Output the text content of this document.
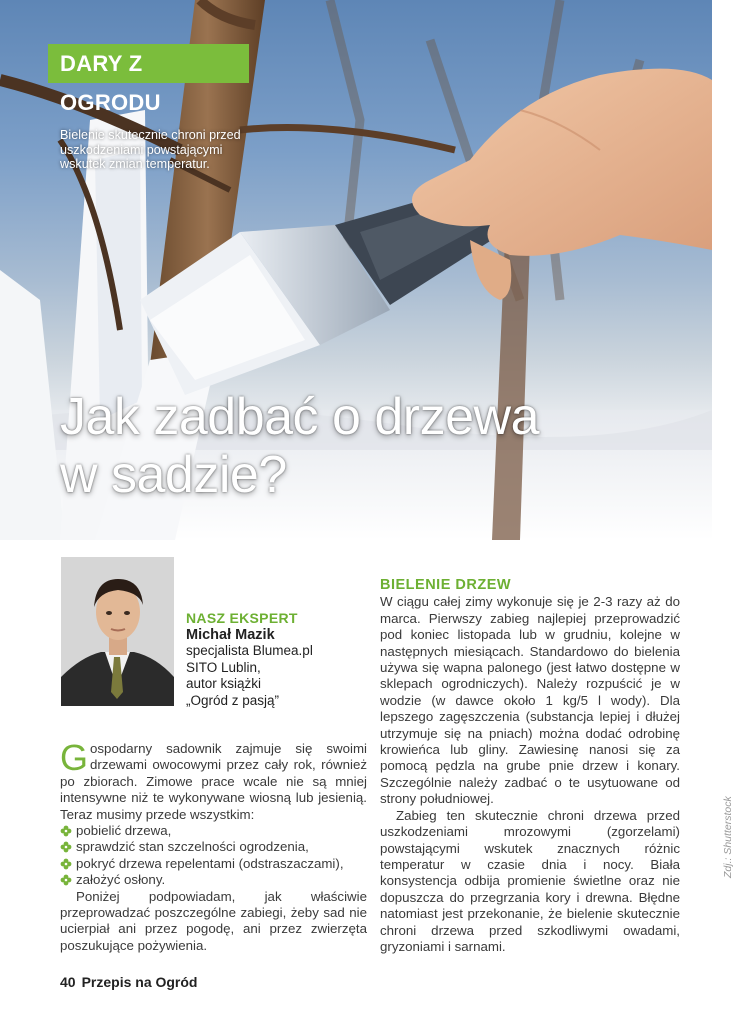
DARY Z OGRODU
Bielenie skutecznie chroni przed uszkodzeniami powstającymi wskutek zmian temperatur.
Jak zadbać o drzewa
w sadzie?
Zdj.: Shutterstock
NASZ EKSPERT
Michał Mazik
specjalista Blumea.pl
SITO Lublin,
autor książki
„Ogród z pasją”

Gospodarny sadownik zajmuje się swoimi drzewami owocowymi przez cały rok, również po zbiorach. Zimowe prace wcale nie są mniej intensywne niż te wykonywane wiosną lub jesienią. Teraz musimy przede wszystkim:

pobielić drzewa,
sprawdzić stan szczelności ogrodzenia,
pokryć drzewa repelentami (odstraszaczami),
założyć osłony.

Poniżej podpowiadam, jak właściwie przeprowadzać poszczególne zabiegi, żeby sad nie ucierpiał ani przez pogodę, ani przez zwierzęta poszukujące pożywienia.

BIELENIE DRZEW

W ciągu całej zimy wykonuje się je 2-3 razy aż do marca. Pierwszy zabieg najlepiej przeprowadzić pod koniec listopada lub w grudniu, kolejne w następnych miesiącach. Standardowo do bielenia używa się wapna palonego (jest łatwo dostępne w sklepach ogrodniczych). Należy rozpuścić je w wodzie (w dawce około 1 kg/5 l wody). Dla lepszego zagęszczenia (substancja lepiej i dłużej utrzymuje się na pniach) można dodać odrobinę krowieńca lub gliny. Zawiesinę nanosi się za pomocą pędzla na grube pnie drzew i konary. Szczególnie należy zadbać o te usytuowane od strony południowej.

Zabieg ten skutecznie chroni drzewa przed uszkodzeniami mrozowymi (zgorzelami) powstającymi wskutek znacznych różnic temperatur w czasie dnia i nocy. Biała konsystencja odbija promienie świetlne oraz nie dopuszcza do przegrzania kory i drewna. Błędne natomiast jest przekonanie, że bielenie skutecznie chroni drzewa przed szkodliwymi owadami, gryzoniami i sarnami.

40 Przepis na Ogród
